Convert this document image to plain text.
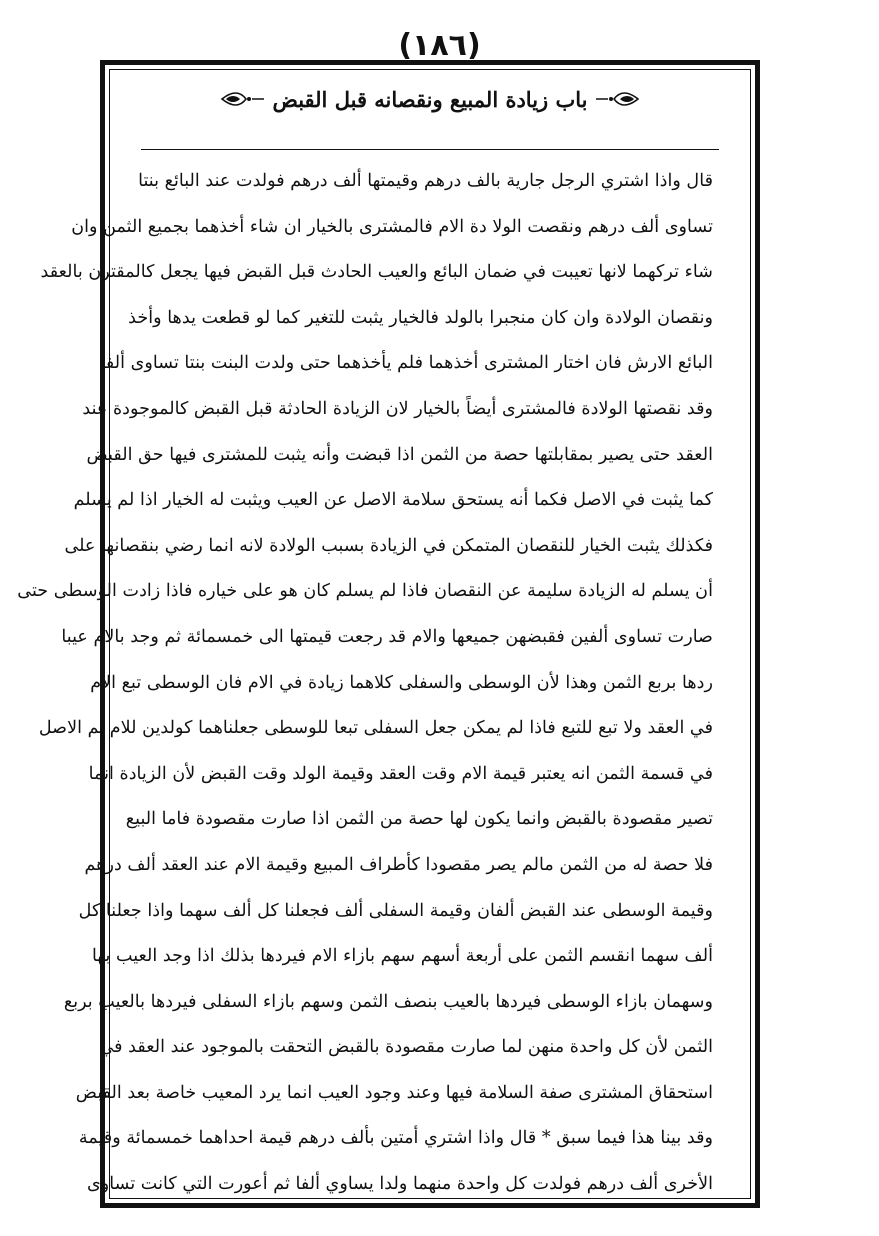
(١٨٦)
باب زيادة المبيع ونقصانه قبل القبض
قال واذا اشتري الرجل جارية بالف درهم وقيمتها ألف درهم فولدت عند البائع بنتا
تساوى ألف درهم ونقصت الولا دة الام فالمشترى بالخيار ان شاء أخذهما بجميع الثمن وان
شاء تركهما لانها تعيبت في ضمان البائع والعيب الحادث قبل القبض فيها يجعل كالمقترن بالعقد
ونقصان الولادة وان كان منجبرا بالولد فالخيار يثبت للتغير كما لو قطعت يدها وأخذ
البائع الارش فان اختار المشترى أخذهما فلم يأخذهما حتى ولدت البنت بنتا تساوى ألفا
وقد نقصتها الولادة فالمشترى أيضاً بالخيار لان الزيادة الحادثة قبل القبض كالموجودة عند
العقد حتى يصير بمقابلتها حصة من الثمن اذا قبضت وأنه يثبت للمشترى فيها حق القبض
كما يثبت في الاصل فكما أنه يستحق سلامة الاصل عن العيب ويثبت له الخيار اذا لم يسلم
فكذلك يثبت الخيار للنقصان المتمكن في الزيادة بسبب الولادة لانه انما رضي بنقصانها على
أن يسلم له الزيادة سليمة عن النقصان فاذا لم يسلم كان هو على خياره فاذا زادت الوسطى حتى
صارت تساوى ألفين فقبضهن جميعها والام قد رجعت قيمتها الى خمسمائة ثم وجد بالام عيبا
ردها بربع الثمن وهذا لأن الوسطى والسفلى كلاهما زيادة في الام فان الوسطى تبع الام
في العقد ولا تبع للتبع فاذا لم يمكن جعل السفلى تبعا للوسطى جعلناهما كولدين للام ثم الاصل
في قسمة الثمن انه يعتبر قيمة الام وقت العقد وقيمة الولد وقت القبض لأن الزيادة انما
تصير مقصودة بالقبض وانما يكون لها حصة من الثمن اذا صارت مقصودة فاما البيع
فلا حصة له من الثمن مالم يصر مقصودا كأطراف المبيع وقيمة الام عند العقد ألف درهم
وقيمة الوسطى عند القبض ألفان وقيمة السفلى ألف فجعلنا كل ألف سهما واذا جعلنا كل
ألف سهما انقسم الثمن على أربعة أسهم سهم بازاء الام فيردها بذلك اذا وجد العيب بها
وسهمان بازاء الوسطى فيردها بالعيب بنصف الثمن وسهم بازاء السفلى فيردها بالعيب بربع
الثمن لأن كل واحدة منهن لما صارت مقصودة بالقبض التحقت بالموجود عند العقد في
استحقاق المشترى صفة السلامة فيها وعند وجود العيب انما يرد المعيب خاصة بعد القبض
وقد بينا هذا فيما سبق * قال واذا اشتري أمتين بألف درهم قيمة احداهما خمسمائة وقيمة
الأخرى ألف درهم فولدت كل واحدة منهما ولدا يساوي ألفا ثم أعورت التي كانت تساوى
